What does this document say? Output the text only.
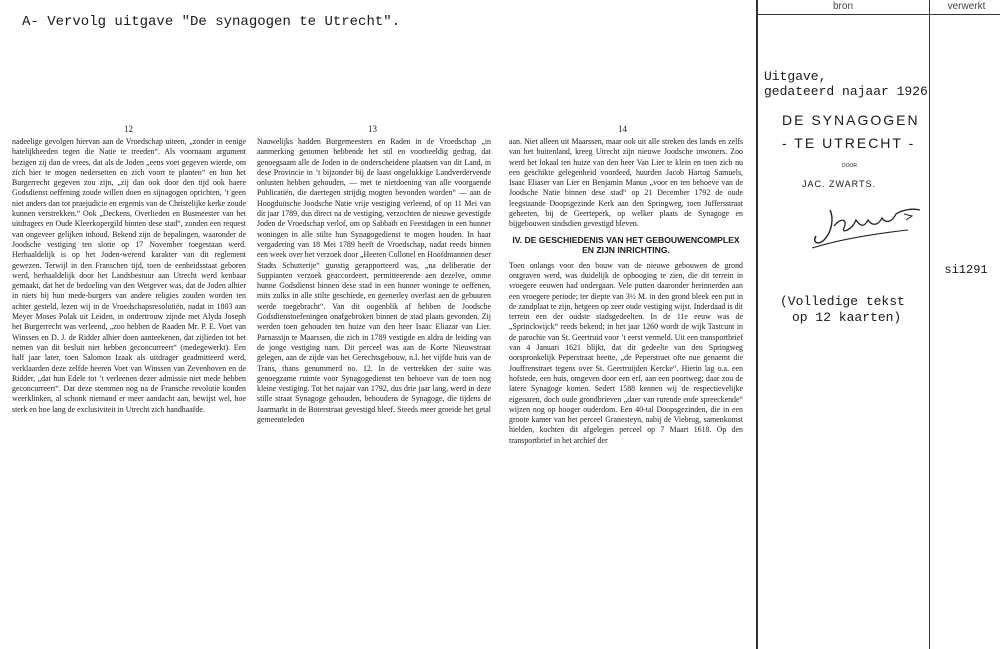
A- Vervolg uitgave "De synagogen te Utrecht".
12	13	14

nadeelige gevolgen hiervan aan de Vroedschap uiteen, „zonder in eenige hatelijkheeden tegen die Natie te treeden“. Als voornaam argument bezigen zij dan de vrees, dat als de Joden „eens voet gegeven wierde, om zich hier te mogen nedersetten en zich voort te planten“ en hun het Burgerrecht gegeven zou zijn, „zij dan ook door den tijd ook haere Godsdienst oeffening zoude willen doen en sijnagogen oprichten, ’t geen niet anders dan tot praejudicie en ergernis van de Christelijke kerke zoude kunnen verstrekken.“ Ook „Deckens, Overlieden en Busmeester van het uitdragers en Oude Kleerkopergild binnen dese stad“, zonden een request van ongeveer gelijken inhoud. Bekend zijn de bepalingen, waaronder de Joodsche vestiging ten slotte op 17 November toegestaan werd. Herhaaldelijk is op het Joden-werend karakter van dit reglement gewezen. Terwijl in den Franschen tijd, toen de eenheidsstaat geboren werd, herhaaldelijk door het Landsbestuur aan Utrecht werd kenbaar gemaakt, dat het de bedoeling van den Wetgever was, dat de Joden alhier in niets bij hun mede-burgers van andere religies zouden worden ten achter gesteld, lezen wij in de Vroedschapsresolutiën, nadat in 1803 aan Meyer Moses Polak uit Leiden, in ondertrouw zijnde met Alyda Joseph het Burgerrecht was verleend, „zoo hebben de Raaden Mr. P. E. Voet van Winssen en D. J. de Ridder alhier doen aanteekenen, dat zijlieden tot het nemen van dit besluit niet hebben geconcurreert“ (medegewerkt). Een half jaar later, toen Salomon Izaak als uitdrager geadmitteerd werd, verklaarden deze zelfde heeren Voet van Winssen van Zevenhoven en de Ridder, „dat hun Edele tot ’t verleenen dezer admissie niet mede hebben geconcurreert“. Dat deze stemmen nog na de Fransche revolutie konden weerklinken, al schonk niemand er meer aandacht aan, bewijst wel, hoe sterk en hoe lang de exclusiviteit in Utrecht zich handhaafde.

Nauwelijks hadden Burgemeesters en Raden in de Vroedschap „in aanmerking genomen hebbende het stil en voorbeeldig gedrag, dat genoegsaam alle de Joden in de onderscheidene plaatsen van dit Land, in dese Provincie in ’t bijzonder bij de laast ongelukkige Landverdervende onlusten hebben gehouden, — met te nietdoening van alle voorgaende Publicatiën, die daertegen strijdig mogten bevonden worden“ — aan de Hoogduitsche Joodsche Natie vrije vestiging verleend, of op 11 Mei van dit jaar 1789, dus direct na de vestiging, verzochten de nieuwe gevestigde Joden de Vroedschap verlof, om op Sabbath en Feestdagen in een hunner woningen in alle stilte hun Synagogedienst te mogen houden. In haar vergadering van 18 Mei 1789 heeft de Vroedschap, nadat reeds binnen een week over het verzoek door „Heeren Collonel en Hoofdmannen deser Stadts Schutterije“ gunstig gerapporteerd was, „na deliberatie der Suppianten verzoek geaccordeert, permitteerende aen dezelve, omme hunne Godsdienst binnen dese stad in een hunner woninge te oeffenen, mits zulks in alle stilte geschiede, en geenerley overlast aen de gebuuren werde toegebracht“. Van dit oogenblik af hebben de Joodsche Godsdienstoefeningen onafgebroken binnen de stad plaats gevonden. Zij werden toen gehouden ten huize van den heer Isaac Eliazar van Lier. Parnassijn te Maarssen, die zich in 1789 vestigde en aldra de leiding van de jonge vestiging nam. Dit perceel was aan de Korte Nieuwstraat gelegen, aan de zijde van het Gerechtsgebouw, n.l. het vijfde huis van de Trans, thans genummerd no. 12. In de vertrekken der suite was genoegzame ruimte voor Synagogedienst ten behoeve van de toen nog kleine vestiging. Tot het najaar van 1792, dus drie jaar lang, werd in deze stille straat Synagoge gehouden, behoudens de Synagoge, die tijdens de Jaarmarkt in de Boterstraat gevestigd bleef. Steeds meer groeide het getal gemeenteleden

aan. Niet alleen uit Maarssen, maar ook uit alle streken des lands en zelfs van het buitenland, kreeg Utrecht zijn nieuwe Joodsche inwoners. Zoo werd het lokaal ten huize van den heer Van Lier te klein en toen zich nu een geschikte gelegenheid voordeed, huurden Jacob Hartog Samuels, Isaac Eliaser van Lier en Benjamin Manus „voor en ten behoeve van de Joodsche Natie binnen dese stad“ op 21 December 1792 de oude leegstaande Doopsgezinde Kerk aan den Springweg, toen Juffersstraat geheeten, bij de Geerteperk, op welker plaats de Synagoge en bijgebouwen sindsdien gevestigd bleven.

IV. DE GESCHIEDENIS VAN HET GEBOUWENCOMPLEX EN ZIJN INRICHTING.

Toen onlangs voor den bouw van de nieuwe gebouwen de grond ontgraven werd, was duidelijk de ophooging te zien, die dit terrein in vroegere eeuwen had ondergaan. Vele putten daaronder herinnerden aan een vroegere periode; ter diepte van 3½ M. in den grond bleek een put in de zandplaat te zijn, hetgeen op zeer oude vestiging wijst. Inderdaad is dit terrein een der oudste stadsgedeelten. In de 11e eeuw was de „Sprinckwijck“ reeds bekend; in het jaar 1260 wordt de wijk Tastcunt in de parochie van St. Geertruid voor ’t eerst vermeld. Uit een transportbrief van 4 Januari 1621 blijkt, dat dit gedeelte van den Springweg oorspronkelijk Peperstraat heette, „de Peperstraet ofte nue genaemt die Jouffrenstraet tegens over St. Geertruijden Kercke“. Hierin lag o.a. een hofstede, een huis, omgeven door een erf, aan een poortweg; daar zou de latere Synagoge komen. Sedert 1588 kennen wij de respectievelijke eigenaren, doch oude grondbrieven „daer van rurende ende spreeckende“ wijzen nog op hooger ouderdom. Een 40-tal Doopsgezinden, die in een groote kamer van het perceel Granesteyn, nabij de Viebrug, samenkomst hielden, kochten dit afgelegen perceel op 7 Maart 1618. Op den transportbrief in het archief der

bron	verwerkt
Uitgave,
gedateerd najaar 1926
DE SYNAGOGEN
- TE UTRECHT -
DOOR
JAC. ZWARTS.
si1291
(Volledige tekst
op 12 kaarten)
